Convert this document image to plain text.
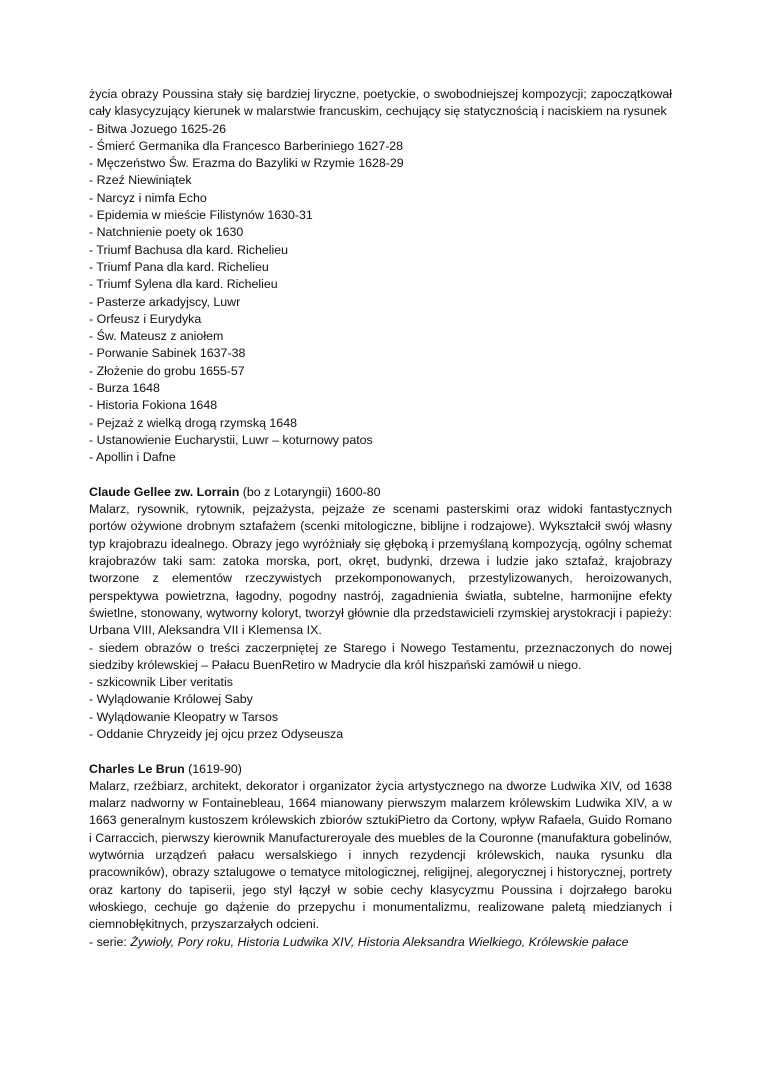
życia obrazy Poussina stały się bardziej liryczne, poetyckie, o swobodniejszej kompozycji; zapoczątkował cały klasycyzujący kierunek w malarstwie francuskim, cechujący się statycznością i naciskiem na rysunek

- Bitwa Jozuego 1625-26
- Śmierć Germanika dla Francesco Barberiniego 1627-28
- Męczeństwo Św. Erazma do Bazyliki w Rzymie 1628-29
- Rzeź Niewiniątek
- Narcyz i nimfa Echo
- Epidemia w mieście Filistynów 1630-31
- Natchnienie poety ok 1630
- Triumf Bachusa dla kard. Richelieu
- Triumf Pana dla kard. Richelieu
- Triumf Sylena dla kard. Richelieu
- Pasterze arkadyjscy, Luwr
- Orfeusz i Eurydyka
- Św. Mateusz z aniołem
- Porwanie Sabinek 1637-38
- Złożenie do grobu 1655-57
- Burza 1648
- Historia Fokiona 1648
- Pejzaż z wielką drogą rzymską 1648
- Ustanowienie Eucharystii, Luwr – koturnowy patos
- Apollin i Dafne

Claude Gellee zw. Lorrain (bo z Lotaryngii) 1600-80

Malarz, rysownik, rytownik, pejzażysta, pejzaże ze scenami pasterskimi oraz widoki fantastycznych portów ożywione drobnym sztafażem (scenki mitologiczne, biblijne i rodzajowe). Wykształcił swój własny typ krajobrazu idealnego. Obrazy jego wyróżniały się głęboką i przemyślaną kompozycją, ogólny schemat krajobrazów taki sam: zatoka morska, port, okręt, budynki, drzewa i ludzie jako sztafaż, krajobrazy tworzone z elementów rzeczywistych przekomponowanych, przestylizowanych, heroizowanych, perspektywa powietrzna, łagodny, pogodny nastrój, zagadnienia światła, subtelne, harmonijne efekty świetlne, stonowany, wytworny koloryt, tworzył głównie dla przedstawicieli rzymskiej arystokracji i papieży: Urbana VIII, Aleksandra VII i Klemensa IX.

- siedem obrazów o treści zaczerpniętej ze Starego i Nowego Testamentu, przeznaczonych do nowej siedziby królewskiej – Pałacu BuenRetiro w Madrycie dla król hiszpański zamówił u niego.

- szkicownik Liber veritatis
- Wylądowanie Królowej Saby
- Wylądowanie Kleopatry w Tarsos
- Oddanie Chryzeidy jej ojcu przez Odyseusza

Charles Le Brun (1619-90)

Malarz, rzeźbiarz, architekt, dekorator i organizator życia artystycznego na dworze Ludwika XIV, od 1638 malarz nadworny w Fontainebleau, 1664 mianowany pierwszym malarzem królewskim Ludwika XIV, a w 1663 generalnym kustoszem królewskich zbiorów sztukiPietro da Cortony, wpływ Rafaela, Guido Romano i Carraccich, pierwszy kierownik Manufactureroyale des muebles de la Couronne (manufaktura gobelinów, wytwórnia urządzeń pałacu wersalskiego i innych rezydencji królewskich, nauka rysunku dla pracowników), obrazy sztalugowe o tematyce mitologicznej, religijnej, alegorycznej i historycznej, portrety oraz kartony do tapiserii, jego styl łączył w sobie cechy klasycyzmu Poussina i dojrzałego baroku włoskiego, cechuje go dążenie do przepychu i monumentalizmu, realizowane paletą miedzianych i ciemnobłękitnych, przyszarzałych odcieni.

- serie: Żywioły, Pory roku, Historia Ludwika XIV, Historia Aleksandra Wielkiego, Królewskie pałace
